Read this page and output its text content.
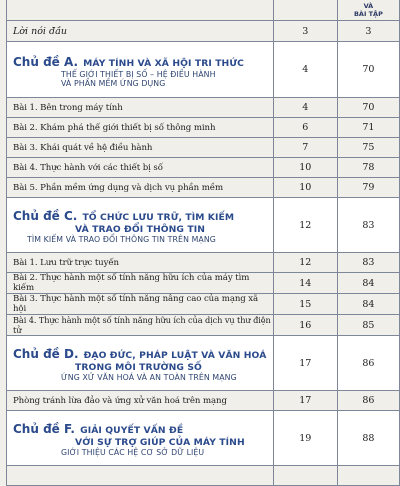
		VÀ
BÀI TẬP
Lời nói đầu	3	3

Chủ đề A. MÁY TÍNH VÀ XÃ HỘI TRI THỨC
THẾ GIỚI THIẾT BỊ SỐ – HỆ ĐIỀU HÀNH
VÀ PHẦN MỀM ỨNG DỤNG	4	70
Bài 1. Bên trong máy tính	4	70
Bài 2. Khám phá thế giới thiết bị số thông minh	6	71
Bài 3. Khái quát về hệ điều hành	7	75
Bài 4. Thực hành với các thiết bị số	10	78
Bài 5. Phần mềm ứng dụng và dịch vụ phần mềm	10	79

Chủ đề C. TỔ CHỨC LƯU TRỮ, TÌM KIẾM
VÀ TRAO ĐỔI THÔNG TIN
TÌM KIẾM VÀ TRAO ĐỔI THÔNG TIN TRÊN MẠNG	12	83
Bài 1. Lưu trữ trực tuyến	12	83
Bài 2. Thực hành một số tính năng hữu ích của máy tìm kiếm	14	84
Bài 3. Thực hành một số tính năng nâng cao của mạng xã hội	15	84
Bài 4. Thực hành một số tính năng hữu ích của dịch vụ thư điện tử	16	85

Chủ đề D. ĐẠO ĐỨC, PHÁP LUẬT VÀ VĂN HOÁ
TRONG MÔI TRƯỜNG SỐ
ỨNG XỬ VĂN HOÁ VÀ AN TOÀN TRÊN MẠNG	17	86
Phòng tránh lừa đảo và ứng xử văn hoá trên mạng	17	86

Chủ đề F. GIẢI QUYẾT VẤN ĐỀ
VỚI SỰ TRỢ GIÚP CỦA MÁY TÍNH
GIỚI THIỆU CÁC HỆ CƠ SỞ DỮ LIỆU	19	88
